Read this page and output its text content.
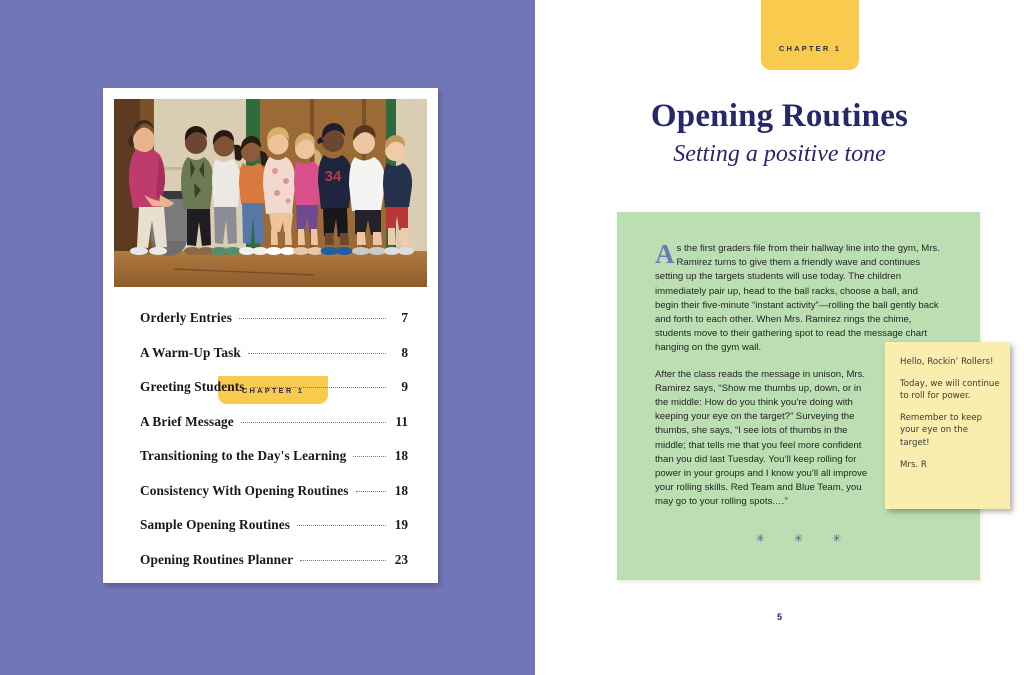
34
CHAPTER 1
Orderly Entries	7
A Warm-Up Task	8
Greeting Students	9
A Brief Message	11
Transitioning to the Day's Learning	18
Consistency With Opening Routines	18
Sample Opening Routines	19
Opening Routines Planner	23
CHAPTER 1
Opening Routines
Setting a positive tone

As the first graders file from their hallway line into the gym, Mrs. Ramirez turns to give them a friendly wave and continues setting up the targets students will use today. The children immediately pair up, head to the ball racks, choose a ball, and begin their five-minute “instant activity”—rolling the ball gently back and forth to each other. When Mrs. Ramirez rings the chime, students move to their gathering spot to read the message chart hanging on the gym wall.

After the class reads the message in unison, Mrs. Ramirez says, “Show me thumbs up, down, or in the middle: How do you think you’re doing with keeping your eye on the target?” Surveying the thumbs, she says, “I see lots of thumbs in the middle; that tells me that you feel more confident than you did last Tuesday. You’ll keep rolling for power in your groups and I know you’ll all improve your rolling skills. Red Team and Blue Team, you may go to your rolling spots.…”

✳ ✳ ✳
5

Hello, Rockin’ Rollers!

Today, we will continue to roll for power.

Remember to keep your eye on the target!

Mrs. R
